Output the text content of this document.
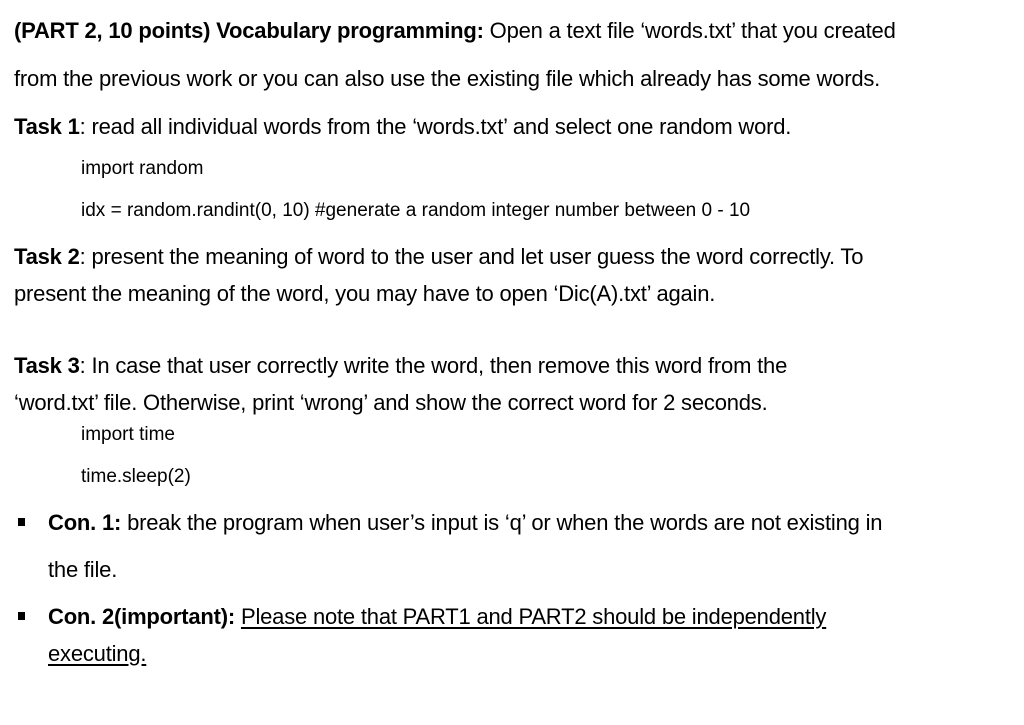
(PART 2, 10 points) Vocabulary programming: Open a text file ‘words.txt’ that you created
from the previous work or you can also use the existing file which already has some words.
Task 1: read all individual words from the ‘words.txt’ and select one random word.
import random
idx = random.randint(0, 10) #generate a random integer number between 0 - 10
Task 2: present the meaning of word to the user and let user guess the word correctly. To
present the meaning of the word, you may have to open ‘Dic(A).txt’ again.
Task 3: In case that user correctly write the word, then remove this word from the
‘word.txt’ file. Otherwise, print ‘wrong’ and show the correct word for 2 seconds.
import time
time.sleep(2)
Con. 1: break the program when user’s input is ‘q’ or when the words are not existing in
the file.
Con. 2(important): Please note that PART1 and PART2 should be independently
executing.
